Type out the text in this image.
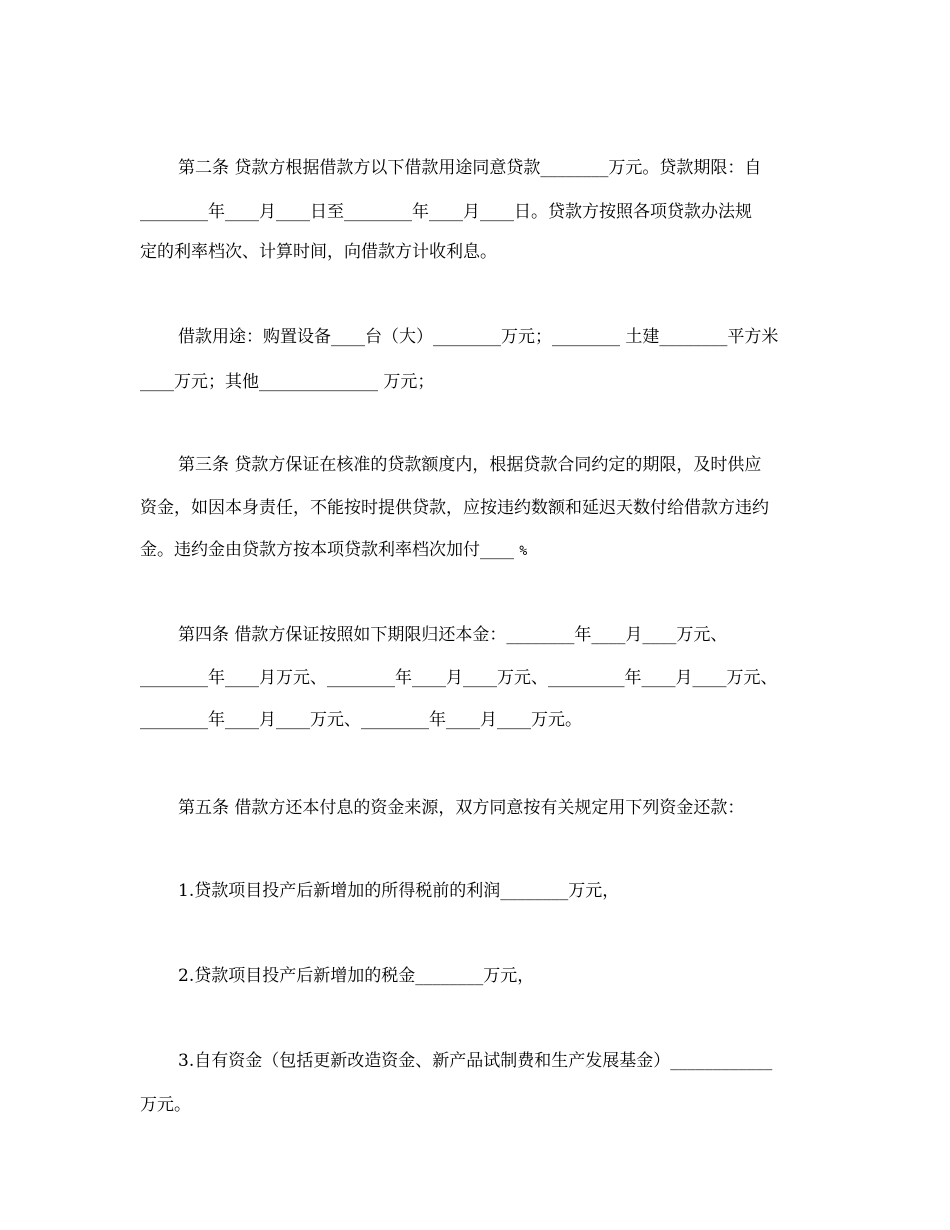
第二条 贷款方根据借款方以下借款用途同意贷款________万元。贷款期限：自
________年____月____日至________年____月____日。贷款方按照各项贷款办法规
定的利率档次、计算时间，向借款方计收利息。
借款用途：购置设备____台（大）________万元；________ 土建________平方米
____万元；其他______________ 万元；
第三条 贷款方保证在核准的贷款额度内，根据贷款合同约定的期限，及时供应
资金，如因本身责任，不能按时提供贷款，应按违约数额和延迟天数付给借款方违约
金。违约金由贷款方按本项贷款利率档次加付____ %
第四条 借款方保证按照如下期限归还本金：________年____月____万元、
________年____月万元、________年____月____万元、_________年____月____万元、
________年____月____万元、________年____月____万元。
第五条 借款方还本付息的资金来源，双方同意按有关规定用下列资金还款：
1.贷款项目投产后新增加的所得税前的利润________万元，
2.贷款项目投产后新增加的税金________万元，
3.自有资金（包括更新改造资金、新产品试制费和生产发展基金）____________
万元。
